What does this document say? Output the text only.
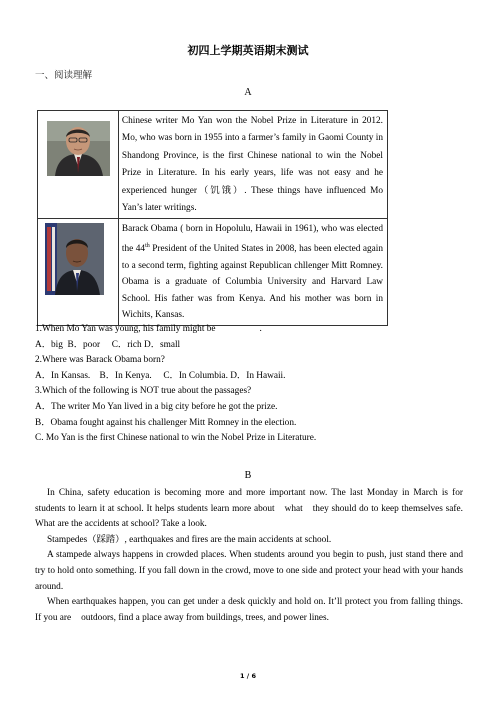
初四上学期英语期末测试
一、阅读理解
A

Chinese writer Mo Yan won the Nobel Prize in Literature in 2012. Mo, who was born in 1955 into a farmer’s family in Gaomi County in Shandong Province, is the first Chinese national to win the Nobel Prize in Literature. In his early years, life was not easy and he experienced hunger（饥饿）. These things have influenced Mo Yan’s later writings.

Barack Obama ( born in Hopolulu, Hawaii in 1961), who was elected the 44th President of the United States in 2008, has been elected again to a second term, fighting against Republican chllenger Mitt Romney. Obama is a graduate of Columbia University and Harvard Law School. His father was from Kenya. And his mother was born in Wichits, Kansas.

1.When Mo Yan was young, his family might be	.

A．big  B．poor     C．rich D．small

2.Where was Barack Obama born?

A．In Kansas.    B．In Kenya.     C．In Columbia. D．In Hawaii.

3.Which of the following is NOT true about the passages?

A．The writer Mo Yan lived in a big city before he got the prize.

B．Obama fought against his challenger Mitt Romney in the election.

C. Mo Yan is the first Chinese national to win the Nobel Prize in Literature.

B

In China, safety education is becoming more and more important now. The last Monday in March is for students to learn it at school. It helps students learn more about what they should do to keep themselves safe. What are the accidents at school? Take a look.

Stampedes（踩踏）, earthquakes and fires are the main accidents at school.

A stampede always happens in crowded places. When students around you begin to push, just stand there and try to hold onto something. If you fall down in the crowd, move to one side and protect your head with your hands around.

When earthquakes happen, you can get under a desk quickly and hold on. It’ll protect you from falling things. If you are outdoors, find a place away from buildings, trees, and power lines.

1 / 6
